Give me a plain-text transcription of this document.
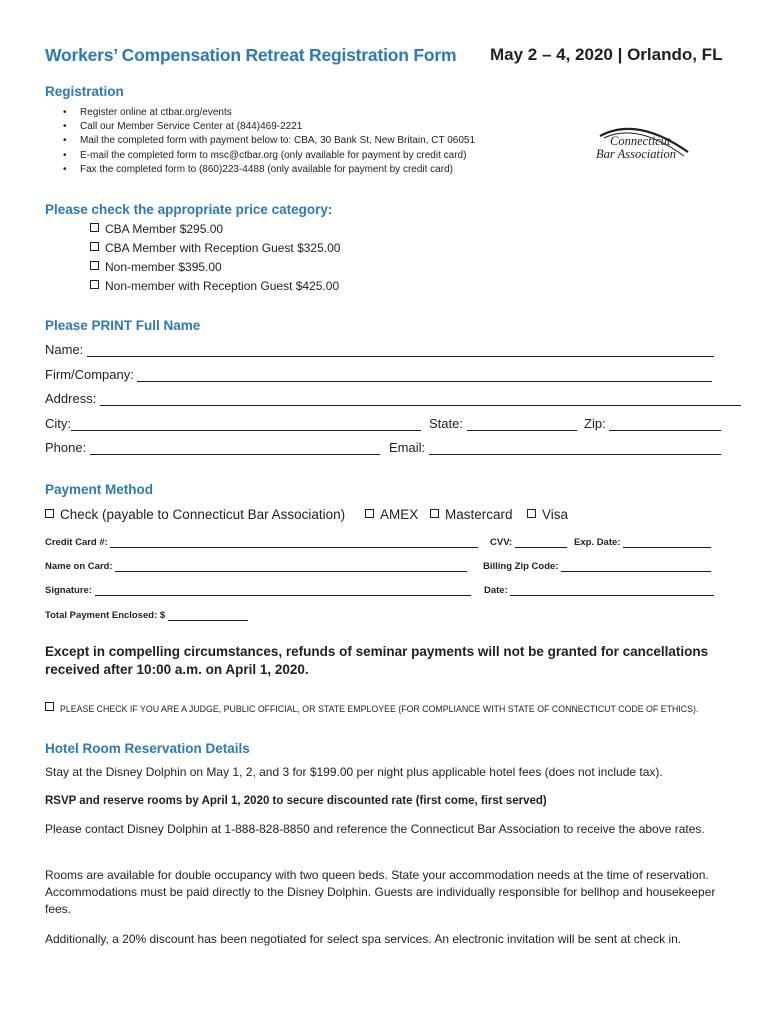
Workers’ Compensation Retreat Registration Form May 2 – 4, 2020 | Orlando, FL
Registration
• Register online at ctbar.org/events
• Call our Member Service Center at (844)469-2221
• Mail the completed form with payment below to: CBA, 30 Bank St, New Britain, CT 06051
• E-mail the completed form to msc@ctbar.org (only available for payment by credit card)
• Fax the completed form to (860)223-4488 (only available for payment by credit card)
Connecticut
Bar Association
Please check the appropriate price category:
CBA Member $295.00
CBA Member with Reception Guest $325.00
Non-member $395.00
Non-member with Reception Guest $425.00
Please PRINT Full Name
Name:
Firm/Company:
Address:
City:	State:	Zip:
Phone:	Email:
Payment Method
Check (payable to Connecticut Bar Association)	AMEX	Mastercard	Visa
Credit Card #:	CVV:	Exp. Date:
Name on Card:	Billing Zip Code:
Signature:	Date:
Total Payment Enclosed: $
Except in compelling circumstances, refunds of seminar payments will not be granted for cancellations
received after 10:00 a.m. on April 1, 2020.
PLEASE CHECK IF YOU ARE A JUDGE, PUBLIC OFFICIAL, OR STATE EMPLOYEE (FOR COMPLIANCE WITH STATE OF CONNECTICUT CODE OF ETHICS).
Hotel Room Reservation Details
Stay at the Disney Dolphin on May 1, 2, and 3 for $199.00 per night plus applicable hotel fees (does not include tax).
RSVP and reserve rooms by April 1, 2020 to secure discounted rate (first come, first served)
Please contact Disney Dolphin at 1-888-828-8850 and reference the Connecticut Bar Association to receive the above rates.
Rooms are available for double occupancy with two queen beds. State your accommodation needs at the time of reservation. Accommodations must be paid directly to the Disney Dolphin. Guests are individually responsible for bellhop and housekeeper fees.
Additionally, a 20% discount has been negotiated for select spa services. An electronic invitation will be sent at check in.
